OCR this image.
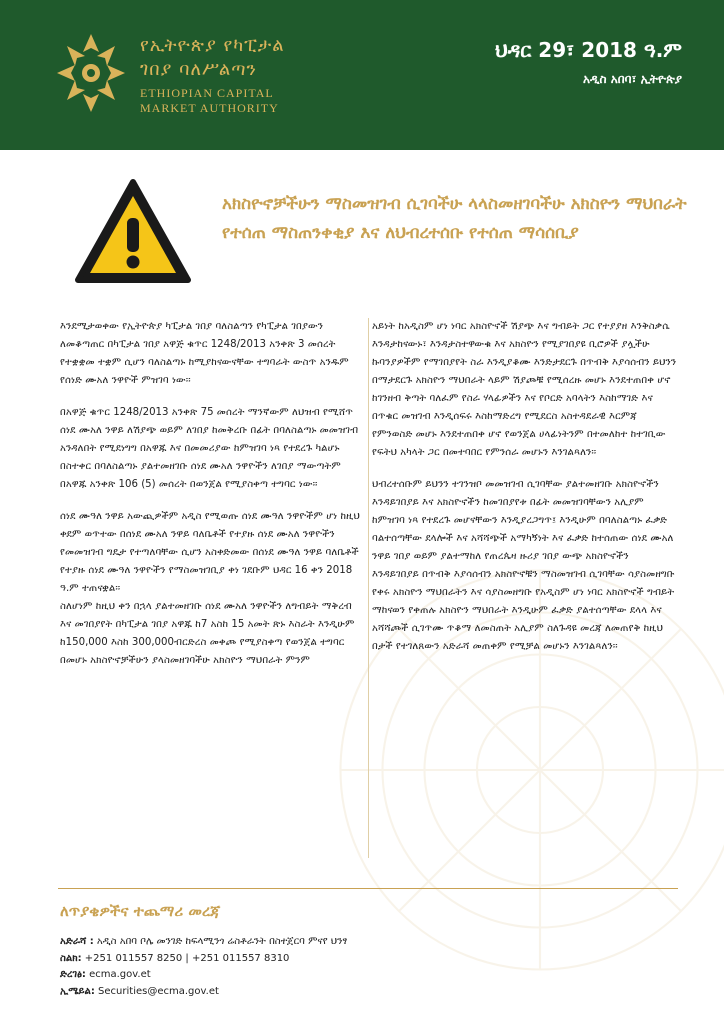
የኢትዮጵያ የካፒታል
ገበያ ባለሥልጣን
ETHIOPIAN CAPITAL
MARKET AUTHORITY
ህዳር 29፣ 2018 ዓ.ም
አዲስ አበባ፣ ኢትዮጵያ
አክስዮኖቻችሁን ማስመዝገብ ሲገባችሁ ላላስመዘገባችሁ አክስዮን ማህበራት የተሰጠ ማስጠንቀቂያ እና ለህብረተሰቡ የተሰጠ ማሳሰቢያ

እንደሚታወቀው የኢትዮጵያ ካፒታል ገበያ ባለስልጣን የካፒታል ገበያውን ለመቆጣጠር በካፒታል ገበያ አዋጅ ቁጥር 1248/2013 አንቀጽ 3 መሰረት የተቋቋመ ተቋም ሲሆን ባለስልጣኑ ከሚያከናውናቸው ተግባራት ውስጥ አንዱም የሰነድ ሙአለ ንዋዮች ምዝገባ ነው፡፡

በአዋጅ ቁጥር 1248/2013 አንቀጽ 75 መሰረት ማንኛውም ለህዝብ የሚሸጥ ሰነደ ሙአለ ንዋይ ለሽያጭ ወይም ለገበያ ከመቅረቡ በፊት በባለስልጣኑ መመዝገብ አንዳለበት የሚደነግግ በአዋጁ እና በመመሪያው ከምዝገባ ነጻ የተደረጉ ካልሆኑ በስተቀር በባለስልጣኑ ያልተመዘገቡ ሰነደ ሙአለ ንዋዮችን ለገበያ ማውጣትም በአዋጁ አንቀጽ 106 (5) መሰረት በወንጀል የሚያስቀጣ ተግባር ነው፡፡

ሰነደ ሙዓለ ንዋይ አውጪዎችም አዲስ የሚወጡ ሰነደ ሙዓለ ንዋዮችም ሆነ ከዚህ ቀደም ወጥተው በሰነደ ሙአለ ንዋይ ባለቤቶች የተያዙ ሰነደ ሙአለ ንዋዮችን የመመዝገብ ግዴታ የተጣለባቸው ሲሆን አስቀድመው በሰነደ ሙዓለ ንዋይ ባለቤቶች የተያዙ ሰነደ ሙዓለ ንዋዮችን የማስመዝገቢያ ቀነ ገደቡም ህዳር 16 ቀን 2018 ዓ.ም ተጠናቋል፡፡

ስለሆነም ከዚህ ቀን በኋላ ያልተመዘገቡ ሰነደ ሙአለ ንዋዮችን ለግብይት ማቅረብ እና መገበያየት በካፒታል ገበያ አዋጁ ከ7 አስከ 15 አመት ጽኑ እስራት እንዲሁም ከ150,000 እስከ 300,000ብርድረስ መቀጮ የሚያስቀጣ የወንጀል ተግባር በመሆኑ አክስዮኖቻችሁን ያላስመዘገባችሁ አክስዮን ማህበራት ምንም

አይነት ከአዲስም ሆነ ነባር አክስዮኖች ሽያጭ እና ግብይት ጋር የተያያዘ እንቅስቃሴ እንዳታከናውኑ፣ እንዳታስተዋውቁ እና አክስዮን የሚያገበያዩ ቢሮዎች ያሏችሁ ኩባንያዎችም የማገበያየት ስራ እንዲያቆሙ እንድታደርጉ በጥብቅ እያሳሰብን ይህንን በማታደርጉ አክስዮን ማህበራት ላይም ሽያጮቹ የሚሰረዙ መሆኑ እንደተጠበቀ ሆኖ ከገንዘብ ቅጣት ባለፈም የስራ ሃላፊዎችን እና የቦርድ አባላትን እስከማገድ እና በጥቁር መዝገብ እንዲሰፍሩ እስከማድረግ የሚደርስ አስተዳደራዊ እርምጃ የምንወስድ መሆኑ እንደተጠበቀ ሆኖ የወንጀል ሀላፊነትንም በተመለከተ ከተገቢው የፍትህ አካላት ጋር በመተባበር የምንሰራ መሆኑን እንገልጻለን፡፡

ህብረተሰቡም ይህንን ተገንዝቦ መመዝገብ ሲገባቸው ያልተመዘገቡ አክስዮኖችን እንዳይገበያይ እና አክስዮኖችን ከመገበያየቱ በፊት መመዝገባቸውን አሊያም ከምዝገባ ነጻ የተደረጉ መሆናቸውን እንዲያረጋግጥ፤ እንዲሁም በባለስልጣኑ ፈቃድ ባልተሰጣቸው ደላሎች እና አሻሻጭች አማካኝነት እና ፈቃድ ከተሰጠው ሰነደ ሙአለ ንዋይ ገበያ ወይም ያልተማከለ የጠረጴዛ ዙሪያ ገበያ ውጭ አክስዮኖችን እንዳይገበያይ በጥብቅ እያሳሰብን አክስዮኖቹን ማስመዝገብ ሲገባቸው ሳያስመዘግቡ የቀሩ አክስዮን ማህበራትን እና ሳያስመዘግቡ የአዲስም ሆነ ነባር አክስዮኖች ግብይት ማከናወን የቀጠሉ አክስዮን ማህበራት እንዲሁም ፈቃድ ያልተሰጣቸው ደላላ እና አሻሻጮች ሲገጥሙ ጥቆማ ለመስጠት አሊያም ስለጉዳዩ መረጃ ለመጠየቅ ከዚህ በታች የተገለጸውን አድራሻ መጠቀም የሚቻል መሆኑን እንገልጻለን፡፡

ለጥያቄዎችና ተጨማሪ መረጃ
አድራሻ : አዲስ አበባ ቦሌ መንገድ ከፍላሚንጎ ሬስቶራንት በስተጀርባ ምናየ ህንፃ
ስልክ: +251 011557 8250 | +251 011557 8310
ድረገፅ: ecma.gov.et
ኢሜይል: Securities@ecma.gov.et
